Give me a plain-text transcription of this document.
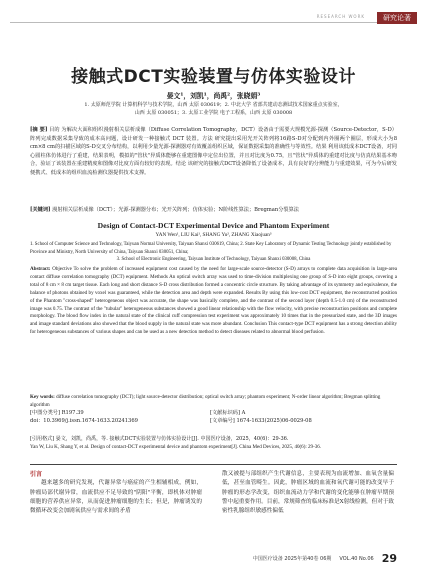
RESEARCH WORK	研究论著
接触式DCT实验装置与仿体实验设计
晏文¹，刘凯¹，尚禹²，张晓娟³
1. 太原师范学院 计算机科学与技术学院，山西 太原 030619；2. 中北大学 省部共建动态测试技术国家重点实验室，
山西 太原 030051；3. 太原工业学院 电子工程系，山西 太原 030008
[摘 要] 目的 为解决大面积组织漫射相关层析成像（Diffuse Correlation Tomography，DCT）设备由于需要大规模光源-探测（Source-Detector，S-D）阵列完成数据采集导致的成本高问题，设计研发一种接触式 DCT 装置。方法 研究提出采用光开关阵列将16路S-D对分配到内外圈两个圈层，形成大小为8 cm×8 cm的扫描区域的S-D交叉分布结构，以利用少量光源-探测器对有效覆盖组织区域，保证数据采集的准确性与等效性。结果 利用该低成本DCT设备，对同心圆柱体仿体进行了重建，结果表明，模拟的"管状"异质体能够在重建图像中定位出位置，并且对比度为0.75，且"管状"异质体的重建对比度与仿真结果基本吻合，验证了该装置在重建精度和图像对比度方面有较好的表现。结论 该研究的接触式DCT设备降低了设备成本，具有良好的分辨能力与重建效果，可为今后研发便携式、低成本的组织血流检测仪器提供技术支撑。
[关键词] 漫射相关层析成像（DCT）；光源-探测器分布；光开关阵列；仿体实验；N阶线性算法；Bregman分裂算法
Design of Contact-DCT Experimental Device and Phantom Experiment
YAN Wen¹, LIU Kai¹, SHANG Yu², ZHANG Xiaojuan³
1. School of Computer Science and Technology, Taiyuan Normal University, Taiyuan Shanxi 030619, China; 2. State Key Laboratory of Dynamic Testing Technology jointly established by Province and Ministry, North University of China, Taiyuan Shanxi 030051, China;
3. School of Electronic Engineering, Taiyuan Institute of Technology, Taiyuan Shanxi 030008, China
Abstract: Objective To solve the problem of increased equipment cost caused by the need for large-scale source-detector (S-D) arrays to complete data acquisition in large-area contact diffuse correlation tomography (DCT) equipment. Methods An optical switch array was used to time-division multiplexing one group of S-D into eight groups, covering a total of 8 cm × 8 cm target tissue. Each long and short distance S-D cross distribution formed a concentric circle structure. By taking advantage of its symmetry and equivalence, the balance of photons obtained by voxel was guaranteed, while the detection area and depth were expanded. Results By using this low-cost DCT equipment, the reconstructed position of the Phantom "cross-shaped" heterogeneous object was accurate, the shape was basically complete, and the contrast of the second layer (depth 0.5-1.0 cm) of the reconstructed image was 0.75. The contrast of the "tubular" heterogeneous substances showed a good linear relationship with the flow velocity, with precise reconstruction positions and complete morphology. The blood flow index in the natural state of the clinical cuff compression test experiment was approximately 10 times that in the pressurized state, and the 3D images and image standard deviations also showed that the blood supply in the natural state was more abundant. Conclusion This contact-type DCT equipment has a strong detection ability for heterogeneous substances of various shapes and can be used as a new detection method to detect diseases related to abnormal blood perfusion.
Key words: diffuse correlation tomography (DCT); light source-detector distribution; optical switch array; phantom experiment; N-order linear algorithm; Bregman splitting algorithm
[中图分类号] R197.39	[文献标识码] A
doi：10.3969/j.issn.1674-1633.20241369	[文章编号] 1674-1633(2025)06-0029-08
[引用格式] 晏文，刘凯，尚禹，等. 接触式DCT实验装置与仿体实验设计[J]. 中国医疗设备，2025，40(6)：29-36.
Yan W, Liu K, Shang Y, et al. Design of contact-DCT experimental device and phantom experiment[J]. China Med Devices, 2025, 40(6): 29-36.
引言
越来越多的研究发现，代谢异常与癌症的产生相辅相成，例如，肿瘤局部代谢异常，血流供应不足导致的"阴阳"平衡，即机体对肿瘤细胞的营养供应异常，从而促进肿瘤细胞的生长；但是，肿瘤诱发的微循环改变会加剧氧供应与需求间的矛盾
散又被提与部组织产生代谢信息，主要表现为血流增加、血氧含量偏低，甚至血管畸生。因此，肿瘤区域的血流和氧代谢可能的改变早于肿瘤的形态学改变，组织血流动力学和代谢的变化能够在肿瘤早期预警中起重要作用。目前，常规筛查的临床标准是X射线检测，但对于致密性乳腺组织敏感性偏低
中国医疗设备 2025年第40卷 06期 VOL.40 No.06 29
